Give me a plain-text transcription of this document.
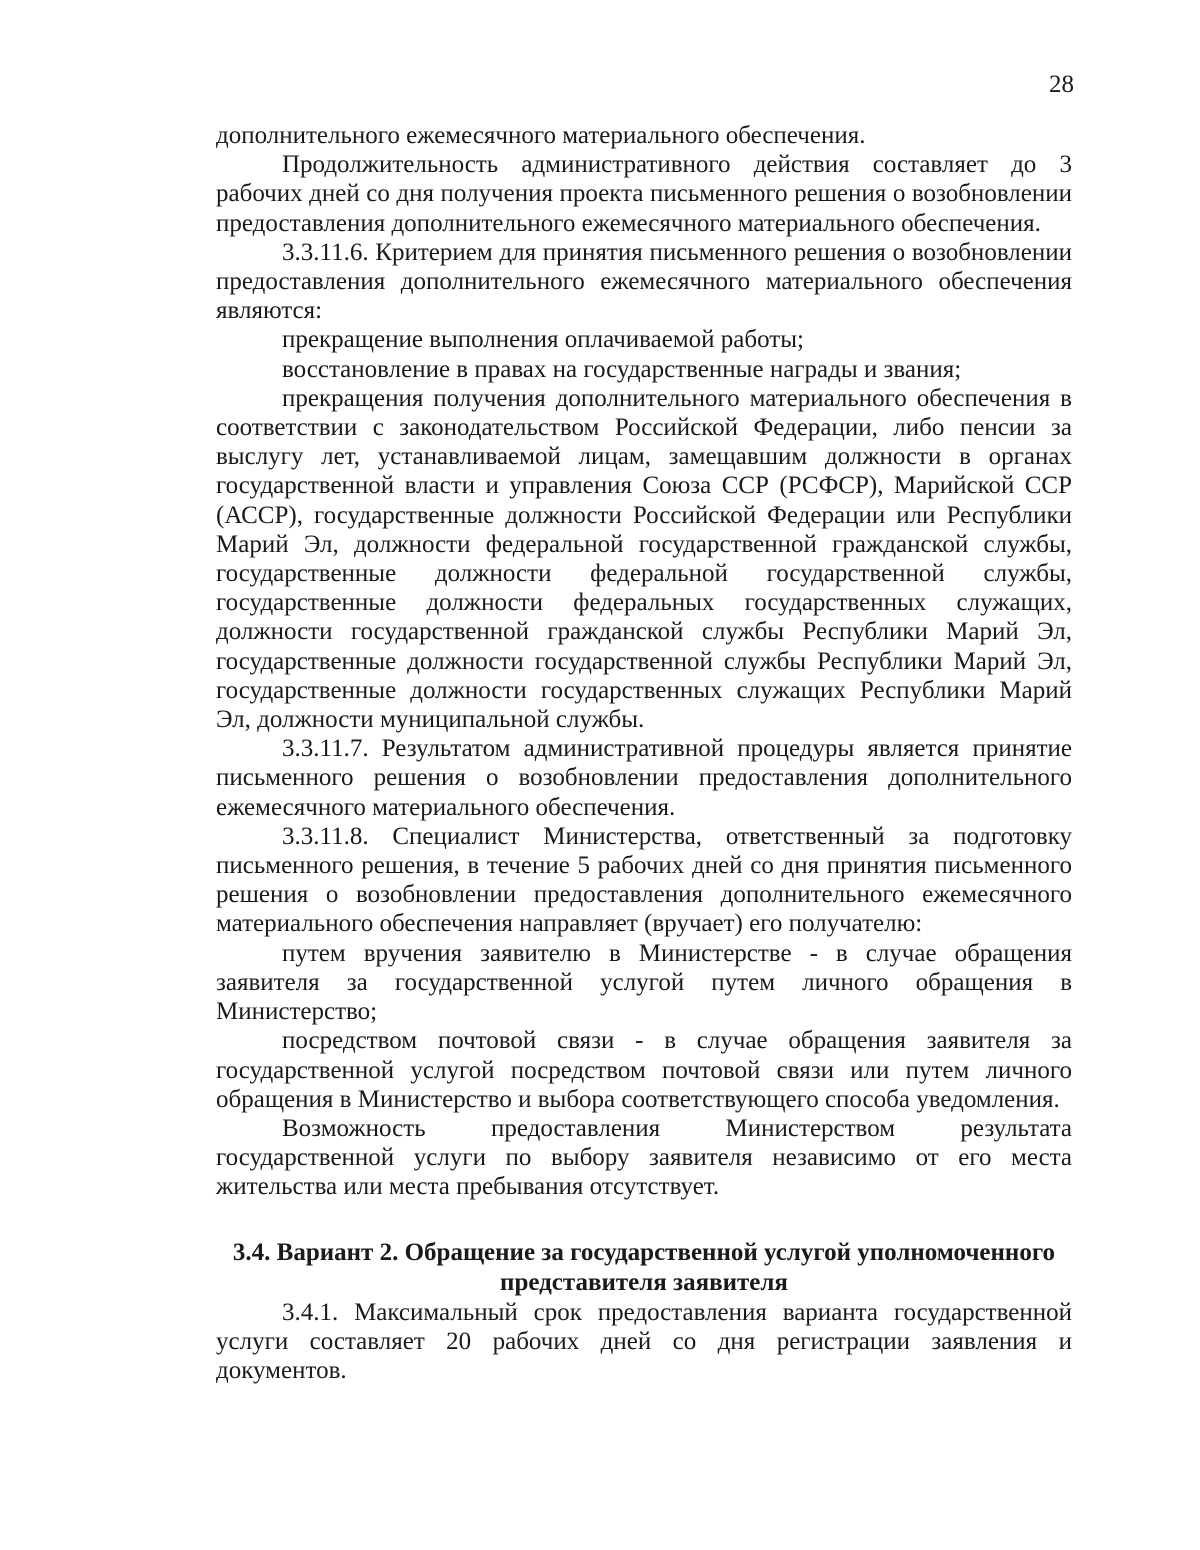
28

дополнительного ежемесячного материального обеспечения.

Продолжительность административного действия составляет до 3 рабочих дней со дня получения проекта письменного решения о возобновлении предоставления дополнительного ежемесячного материального обеспечения.

3.3.11.6. Критерием для принятия письменного решения о возобновлении предоставления дополнительного ежемесячного материального обеспечения являются:

прекращение выполнения оплачиваемой работы;

восстановление в правах на государственные награды и звания;

прекращения получения дополнительного материального обеспечения в соответствии с законодательством Российской Федерации, либо пенсии за выслугу лет, устанавливаемой лицам, замещавшим должности в органах государственной власти и управления Союза ССР (РСФСР), Марийской ССР (АССР), государственные должности Российской Федерации или Республики Марий Эл, должности федеральной государственной гражданской службы, государственные должности федеральной государственной службы, государственные должности федеральных государственных служащих, должности государственной гражданской службы Республики Марий Эл, государственные должности государственной службы Республики Марий Эл, государственные должности государственных служащих Республики Марий Эл, должности муниципальной службы.

3.3.11.7. Результатом административной процедуры является принятие письменного решения о возобновлении предоставления дополнительного ежемесячного материального обеспечения.

3.3.11.8. Специалист Министерства, ответственный за подготовку письменного решения, в течение 5 рабочих дней со дня принятия письменного решения о возобновлении предоставления дополнительного ежемесячного материального обеспечения направляет (вручает) его получателю:

путем вручения заявителю в Министерстве - в случае обращения заявителя за государственной услугой путем личного обращения в Министерство;

посредством почтовой связи - в случае обращения заявителя за государственной услугой посредством почтовой связи или путем личного обращения в Министерство и выбора соответствующего способа уведомления.

Возможность предоставления Министерством результата государственной услуги по выбору заявителя независимо от его места жительства или места пребывания отсутствует.

3.4. Вариант 2. Обращение за государственной услугой уполномоченного представителя заявителя

3.4.1. Максимальный срок предоставления варианта государственной услуги составляет 20 рабочих дней со дня регистрации заявления и документов.
